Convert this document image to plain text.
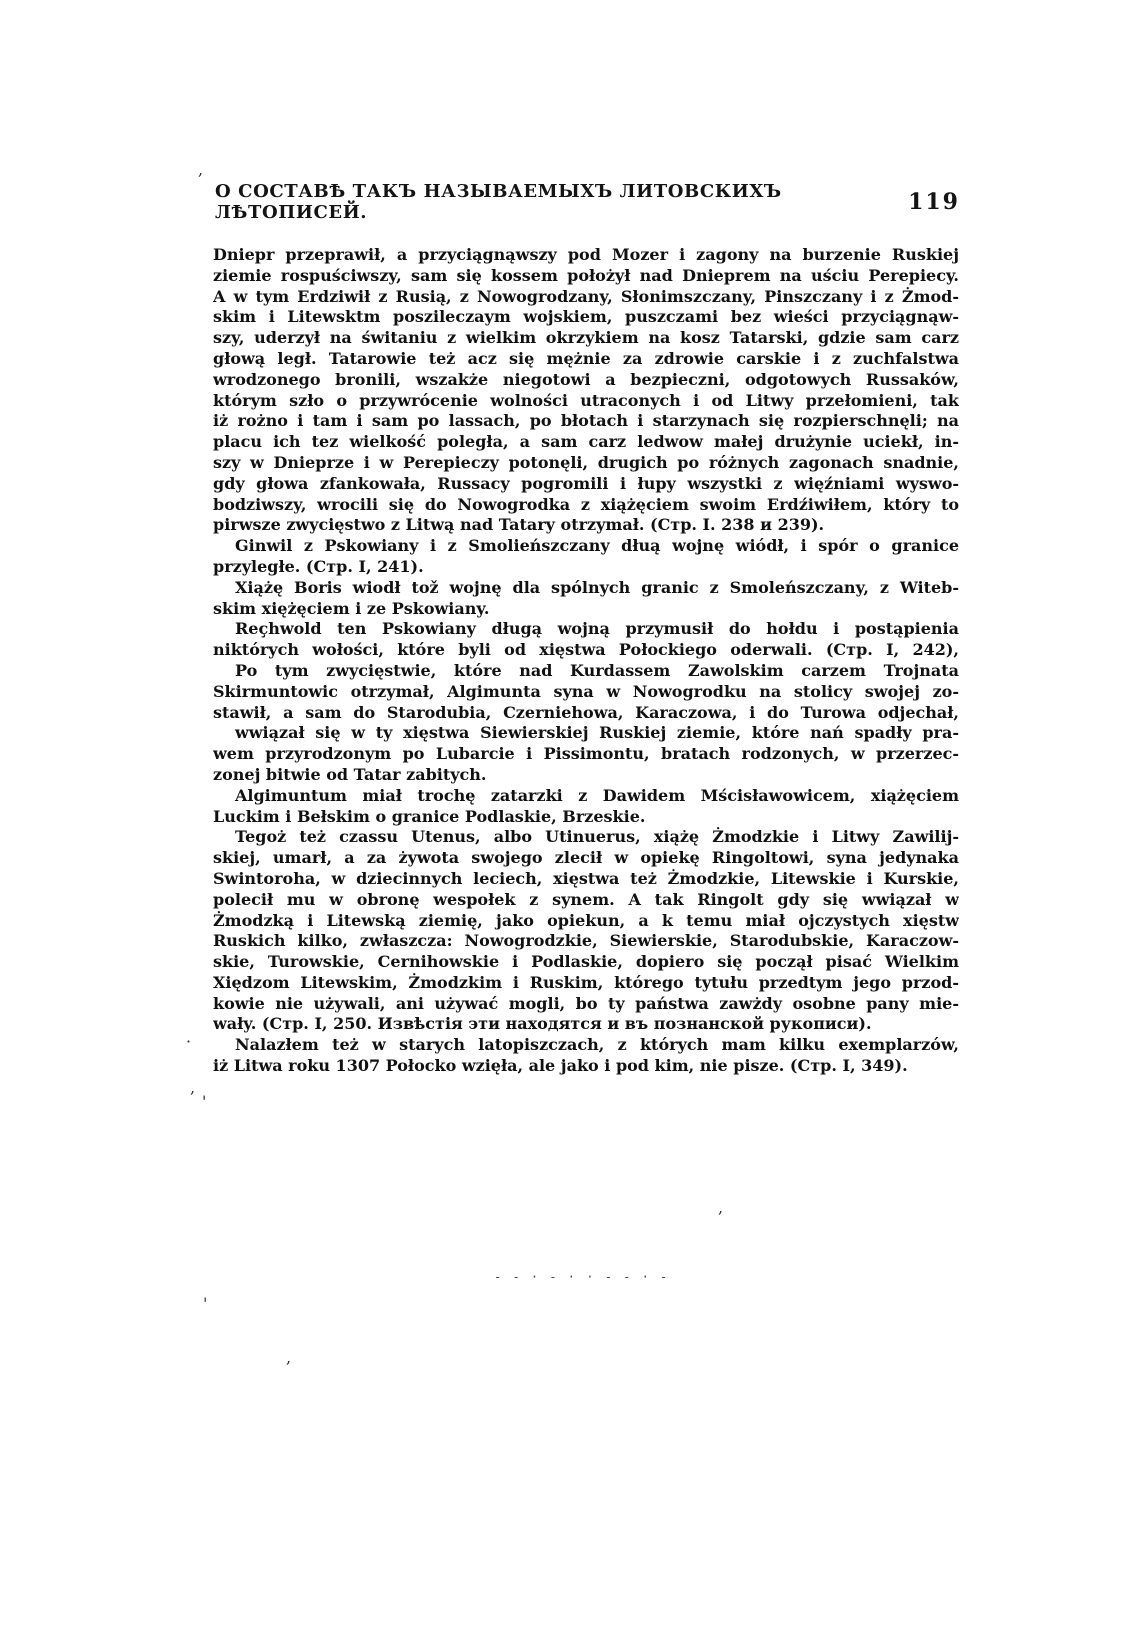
,
О СОСТАВѢ ТАКЪ НАЗЫВАЕМЫХЪ ЛИТОВСКИХЪ ЛѢТОПИСЕЙ.	119
Dniepr przeprawił, a przyciągnąwszy pod Mozer i zagony na burzenie Ruskiej
ziemie rospuściwszy, sam się kossem położył nad Dnieprem na uściu Perepiecy.
A w tym Erdziwił z Rusią, z Nowogrodzany, Słonimszczany, Pinszczany i z Żmod-
skim i Litewsktm poszileczaym wojskiem, puszczami bez wieści przyciągnąw-
szy, uderzył na świtaniu z wielkim okrzykiem na kosz Tatarski, gdzie sam carz
głową legł. Tatarowie też acz się mężnie za zdrowie carskie i z zuchfalstwa
wrodzonego bronili, wszakże niegotowi a bezpieczni, odgotowych Russaków,
którym szło o przywrócenie wolności utraconych i od Litwy przełomieni, tak
iż rożno i tam i sam po lassach, po błotach i starzynach się rozpierschnęli; na
placu ich tez wielkość poległa, a sam carz ledwow małej drużynie uciekł, in-
szy w Dnieprze i w Perepieczy potonęli, drugich po różnych zagonach snadnie,
gdy głowa zfankowała, Russacy pogromili i łupy wszystki z więźniami wyswo-
bodziwszy, wrocili się do Nowogrodka z xiążęciem swoim Erdźiwiłem, który to
pirwsze zwycięstwo z Litwą nad Tatary otrzymał. (Стр. I. 238 и 239).
Ginwil z Pskowiany i z Smolieńszczany dłuą wojnę wiódł, i spór o granice
przyległe. (Стр. I, 241).
Xiążę Boris wiodł tož wojnę dla spólnych granic z Smoleńszczany, z Witeb-
skim xiężęciem i ze Pskowiany.
Reçhwold ten Pskowiany długą wojną przymusił do hołdu i postąpienia
niktórych wołości, które byli od xięstwa Połockiego oderwali. (Стр. I, 242),
Po tym zwycięstwie, które nad Kurdassem Zawolskim carzem Trojnata
Skirmuntowic otrzymał, Algimunta syna w Nowogrodku na stolicy swojej zo-
stawił, a sam do Starodubia, Czerniehowa, Karaczowa, i do Turowa odjechał,
wwiązał się w ty xięstwa Siewierskiej Ruskiej ziemie, które nań spadły pra-
wem przyrodzonym po Lubarcie i Pissimontu, bratach rodzonych, w przerzec-
zonej bitwie od Tatar zabitych.
Algimuntum miał trochę zatarzki z Dawidem Mścisławowicem, xiążęciem
Luckim i Bełskim o granice Podlaskie, Brzeskie.
Tegoż też czassu Utenus, albo Utinuerus, xiążę Żmodzkie i Litwy Zawilij-
skiej, umarł, a za żywota swojego zlecił w opiekę Ringoltowi, syna jedynaka
Swintoroha, w dziecinnych leciech, xięstwa też Żmodzkie, Litewskie i Kurskie,
polecił mu w obronę wespołek z synem. A tak Ringolt gdy się wwiązał w
Żmodzką i Litewską ziemię, jako opiekun, a k temu miał ojczystych xięstw
Ruskich kilko, zwłaszcza: Nowogrodzkie, Siewierskie, Starodubskie, Karaczow-
skie, Turowskie, Cernihowskie i Podlaskie, dopiero się począł pisać Wielkim
Xiędzom Litewskim, Żmodzkim i Ruskim, którego tytułu przedtym jego przod-
kowie nie używali, ani używać mogli, bo ty państwa zawżdy osobne pany mie-
wały. (Стр. I, 250. Извѣстія эти находятся и въ познанской рукописи).
Nalazłem też w starych latopiszczach, z których mam kilku exemplarzów,
iż Litwa roku 1307 Połocko wzięła, ale jako i pod kim, nie pisze. (Стр. I, 349).
·
,
'
,
- - · - · · - - · -
'
,
